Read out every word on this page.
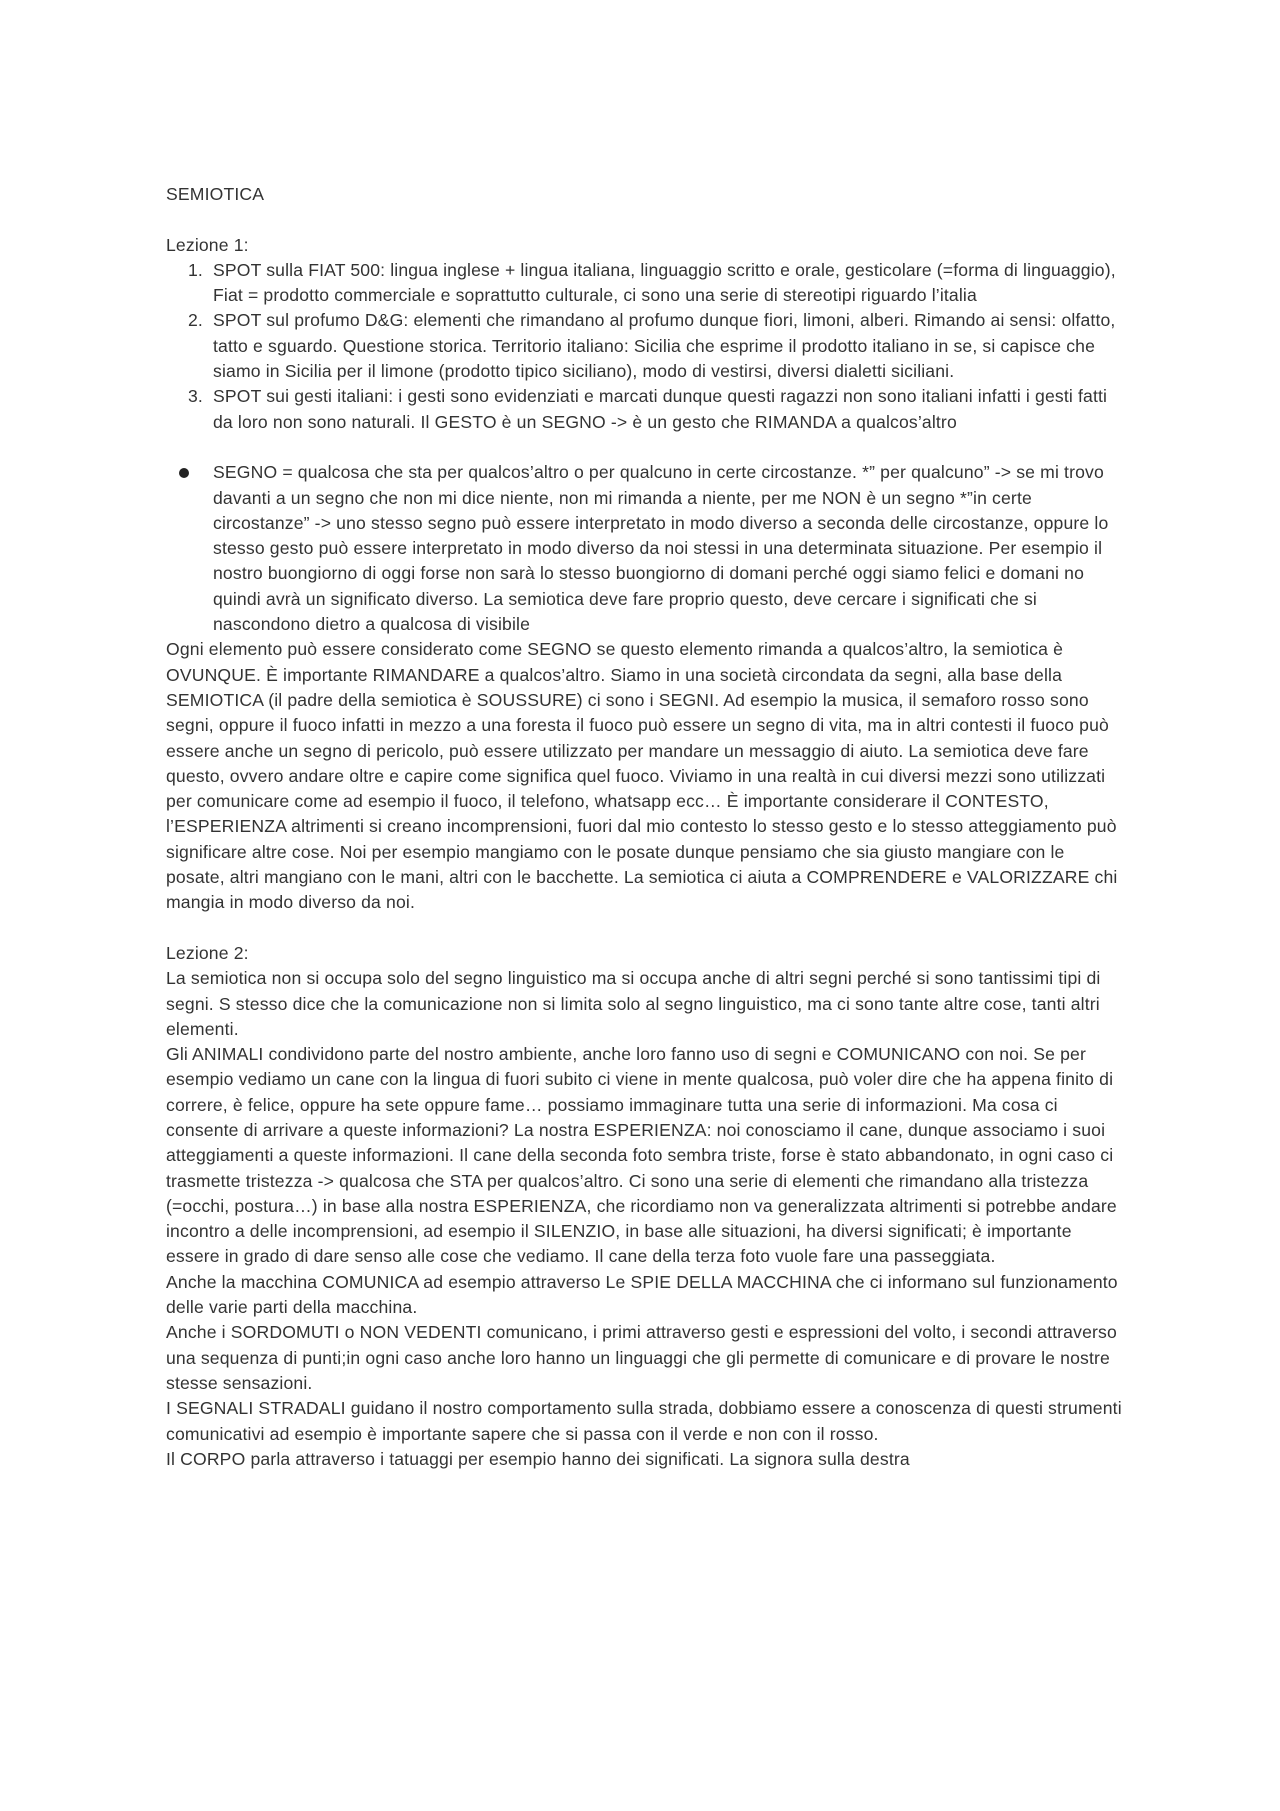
SEMIOTICA

Lezione 1:

1. SPOT sulla FIAT 500: lingua inglese + lingua italiana, linguaggio scritto e orale, gesticolare (=forma di linguaggio), Fiat = prodotto commerciale e soprattutto culturale, ci sono una serie di stereotipi riguardo l’italia
2. SPOT sul profumo D&G: elementi che rimandano al profumo dunque fiori, limoni, alberi. Rimando ai sensi: olfatto, tatto e sguardo. Questione storica. Territorio italiano: Sicilia che esprime il prodotto italiano in se, si capisce che siamo in Sicilia per il limone (prodotto tipico siciliano), modo di vestirsi, diversi dialetti siciliani.
3. SPOT sui gesti italiani: i gesti sono evidenziati e marcati dunque questi ragazzi non sono italiani infatti i gesti fatti da loro non sono naturali. Il GESTO è un SEGNO -> è un gesto che RIMANDA a qualcos’altro
SEGNO = qualcosa che sta per qualcos’altro o per qualcuno in certe circostanze. *” per qualcuno” -> se mi trovo davanti a un segno che non mi dice niente, non mi rimanda a niente, per me NON è un segno *”in certe circostanze” -> uno stesso segno può essere interpretato in modo diverso a seconda delle circostanze, oppure lo stesso gesto può essere interpretato in modo diverso da noi stessi in una determinata situazione. Per esempio il nostro buongiorno di oggi forse non sarà lo stesso buongiorno di domani perché oggi siamo felici e domani no quindi avrà un significato diverso. La semiotica deve fare proprio questo, deve cercare i significati che si nascondono dietro a qualcosa di visibile

Ogni elemento può essere considerato come SEGNO se questo elemento rimanda a qualcos’altro, la semiotica è OVUNQUE. È importante RIMANDARE a qualcos’altro. Siamo in una società circondata da segni, alla base della SEMIOTICA (il padre della semiotica è SOUSSURE) ci sono i SEGNI. Ad esempio la musica, il semaforo rosso sono segni, oppure il fuoco infatti in mezzo a una foresta il fuoco può essere un segno di vita, ma in altri contesti il fuoco può essere anche un segno di pericolo, può essere utilizzato per mandare un messaggio di aiuto. La semiotica deve fare questo, ovvero andare oltre e capire come significa quel fuoco. Viviamo in una realtà in cui diversi mezzi sono utilizzati per comunicare come ad esempio il fuoco, il telefono, whatsapp ecc… È importante considerare il CONTESTO, l’ESPERIENZA altrimenti si creano incomprensioni, fuori dal mio contesto lo stesso gesto e lo stesso atteggiamento può significare altre cose. Noi per esempio mangiamo con le posate dunque pensiamo che sia giusto mangiare con le posate, altri mangiano con le mani, altri con le bacchette. La semiotica ci aiuta a COMPRENDERE e VALORIZZARE chi mangia in modo diverso da noi.

Lezione 2:

La semiotica non si occupa solo del segno linguistico ma si occupa anche di altri segni perché si sono tantissimi tipi di segni. S stesso dice che la comunicazione non si limita solo al segno linguistico, ma ci sono tante altre cose, tanti altri elementi.

Gli ANIMALI condividono parte del nostro ambiente, anche loro fanno uso di segni e COMUNICANO con noi. Se per esempio vediamo un cane con la lingua di fuori subito ci viene in mente qualcosa, può voler dire che ha appena finito di correre, è felice, oppure ha sete oppure fame… possiamo immaginare tutta una serie di informazioni. Ma cosa ci consente di arrivare a queste informazioni? La nostra ESPERIENZA: noi conosciamo il cane, dunque associamo i suoi atteggiamenti a queste informazioni. Il cane della seconda foto sembra triste, forse è stato abbandonato, in ogni caso ci trasmette tristezza -> qualcosa che STA per qualcos’altro. Ci sono una serie di elementi che rimandano alla tristezza (=occhi, postura…) in base alla nostra ESPERIENZA, che ricordiamo non va generalizzata altrimenti si potrebbe andare incontro a delle incomprensioni, ad esempio il SILENZIO, in base alle situazioni, ha diversi significati; è importante essere in grado di dare senso alle cose che vediamo. Il cane della terza foto vuole fare una passeggiata.

Anche la macchina COMUNICA ad esempio attraverso Le SPIE DELLA MACCHINA che ci informano sul funzionamento delle varie parti della macchina.

Anche i SORDOMUTI o NON VEDENTI comunicano, i primi attraverso gesti e espressioni del volto, i secondi attraverso una sequenza di punti;in ogni caso anche loro hanno un linguaggi che gli permette di comunicare e di provare le nostre stesse sensazioni.

I SEGNALI STRADALI guidano il nostro comportamento sulla strada, dobbiamo essere a conoscenza di questi strumenti comunicativi ad esempio è importante sapere che si passa con il verde e non con il rosso.

Il CORPO parla attraverso i tatuaggi per esempio hanno dei significati. La signora sulla destra
